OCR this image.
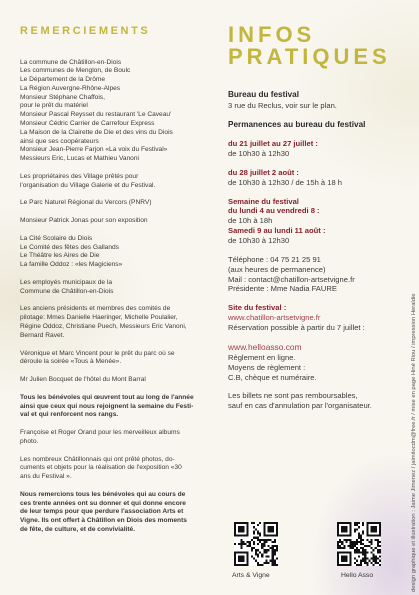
REMERCIEMENTS
La commune de Châtillon-en-Diois
Les communes de Menglon, de Boulc
Le Département de la Drôme
La Région Auvergne-Rhône-Alpes
Monsieur Stéphane Chaffois,
pour le prêt du matériel
Monsieur Pascal Reysset du restaurant 'Le Caveau'
Monsieur Cédric Carrier de Carrefour Express
La Maison de la Clairette de Die et des vins du Diois
ainsi que ses coopérateurs
Monsieur Jean-Pierre Farjon «La voix du Festival»
Messieurs Eric, Lucas et Mathieu Vanoni
Les propriétaires des Village prêtés pour
l'organisation du Village Galerie et du Festival.
Le Parc Naturel Régional du Vercors (PNRV)
Monsieur Patrick Jonas pour son exposition
La Cité Scolaire du Diois
Le Comité des fêtes des Gallands
Le Théâtre les Aires de Die
La famille Oddoz : «les Magiciens»
Les employés municipaux de la
Commune de Châtillon-en-Diois
Les anciens présidents et membres des comités de
pilotage: Mmes Danielle Haeringer, Michelle Poulalier,
Régine Oddoz, Christiane Puech, Messieurs Eric Vanoni,
Bernard Ravet.
Véronique et Marc Vincent pour le prêt du parc où se
déroule la soirée «Tous à Menée».
Mr Julien Bocquet de l'hôtel du Mont Barral
Tous les bénévoles qui œuvrent tout au long de l'année
ainsi que ceux qui nous rejoignent la semaine du Festi-
val et qui renforcent nos rangs.
Françoise et Roger Orand pour les merveilleux albums
photo.
Les nombreux Châtillonnais qui ont prêté photos, do-
cuments et objets pour la réalisation de l'exposition «30
ans du Festival ».
Nous remercions tous les bénévoles qui au cours de
ces trente années ont su donner et qui donne encore
de leur temps pour que perdure l'association Arts et
Vigne. Ils ont offert à Châtillon en Diois des moments
de fête, de culture, et de convivialité.
INFOS
PRATIQUES
Bureau du festival
3 rue du Reclus, voir sur le plan.
Permanences au bureau du festival
du 21 juillet au 27 juillet :
de 10h30 à 12h30
du 28 juillet 2 août :
de 10h30 à 12h30 / de 15h à 18 h
Semaine du festival
du lundi 4 au vendredi 8 :
de 10h à 18h
Samedi 9 au lundi 11 août :
de 10h30 à 12h30
Téléphone : 04 75 21 25 91
(aux heures de permanence)
Mail : contact@chatillon-artsetvigne.fr
Présidente : Mme Nadia FAURE
Site du festival :
www.chatillon-artsetvigne.fr
Réservation possible à partir du 7 juillet :
www.helloasso.com
Règlement en ligne.
Moyens de règlement :
C.B, chèque et numéraire.
Les billets ne sont pas remboursables,
sauf en cas d'annulation par l'organisateur.
Arts & Vigne	Hello Asso	design graphique et illustration : Jaime Jimenez / jaimitocdm@free.fr / mise en page Hiné Riou / impression Heraldie
